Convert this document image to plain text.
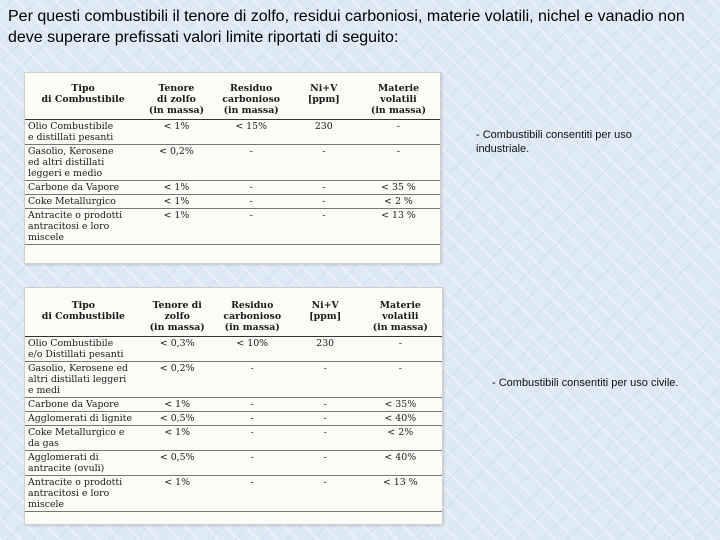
Per questi combustibili il tenore di zolfo, residui carboniosi, materie volatili, nichel e vanadio non deve superare prefissati valori limite riportati di seguito:
Tipo
di Combustibile	Tenore
di zolfo
(in massa)	Residuo
carbonioso
(in massa)	Ni+V
[ppm]	Materie
volatili
(in massa)
Olio Combustibile
e distillati pesanti	< 1%	< 15%	230	-
Gasolio, Kerosene
ed altri distillati
leggeri e medio	< 0,2%	-	-	-
Carbone da Vapore	< 1%	-	-	< 35 %
Coke Metallurgico	< 1%	-	-	< 2 %
Antracite o prodotti
antracitosi e loro
miscele	< 1%	-	-	< 13 %
- Combustibili consentiti per uso industriale.
Tipo
di Combustibile	Tenore di
zolfo
(in massa)	Residuo
carbonioso
(in massa)	Ni+V
[ppm]	Materie
volatili
(in massa)
Olio Combustibile
e/o Distillati pesanti	< 0,3%	< 10%	230	-
Gasolio, Kerosene ed
altri distillati leggeri
e medi	< 0,2%	-	-	-
Carbone da Vapore	< 1%	-	-	< 35%
Agglomerati di lignite	< 0,5%	-	-	< 40%
Coke Metallurgico e
da gas	< 1%	-	-	< 2%
Agglomerati di
antracite (ovuli)	< 0,5%	-	-	< 40%
Antracite o prodotti
antracitosi e loro
miscele	< 1%	-	-	< 13 %
- Combustibili consentiti per uso civile.
